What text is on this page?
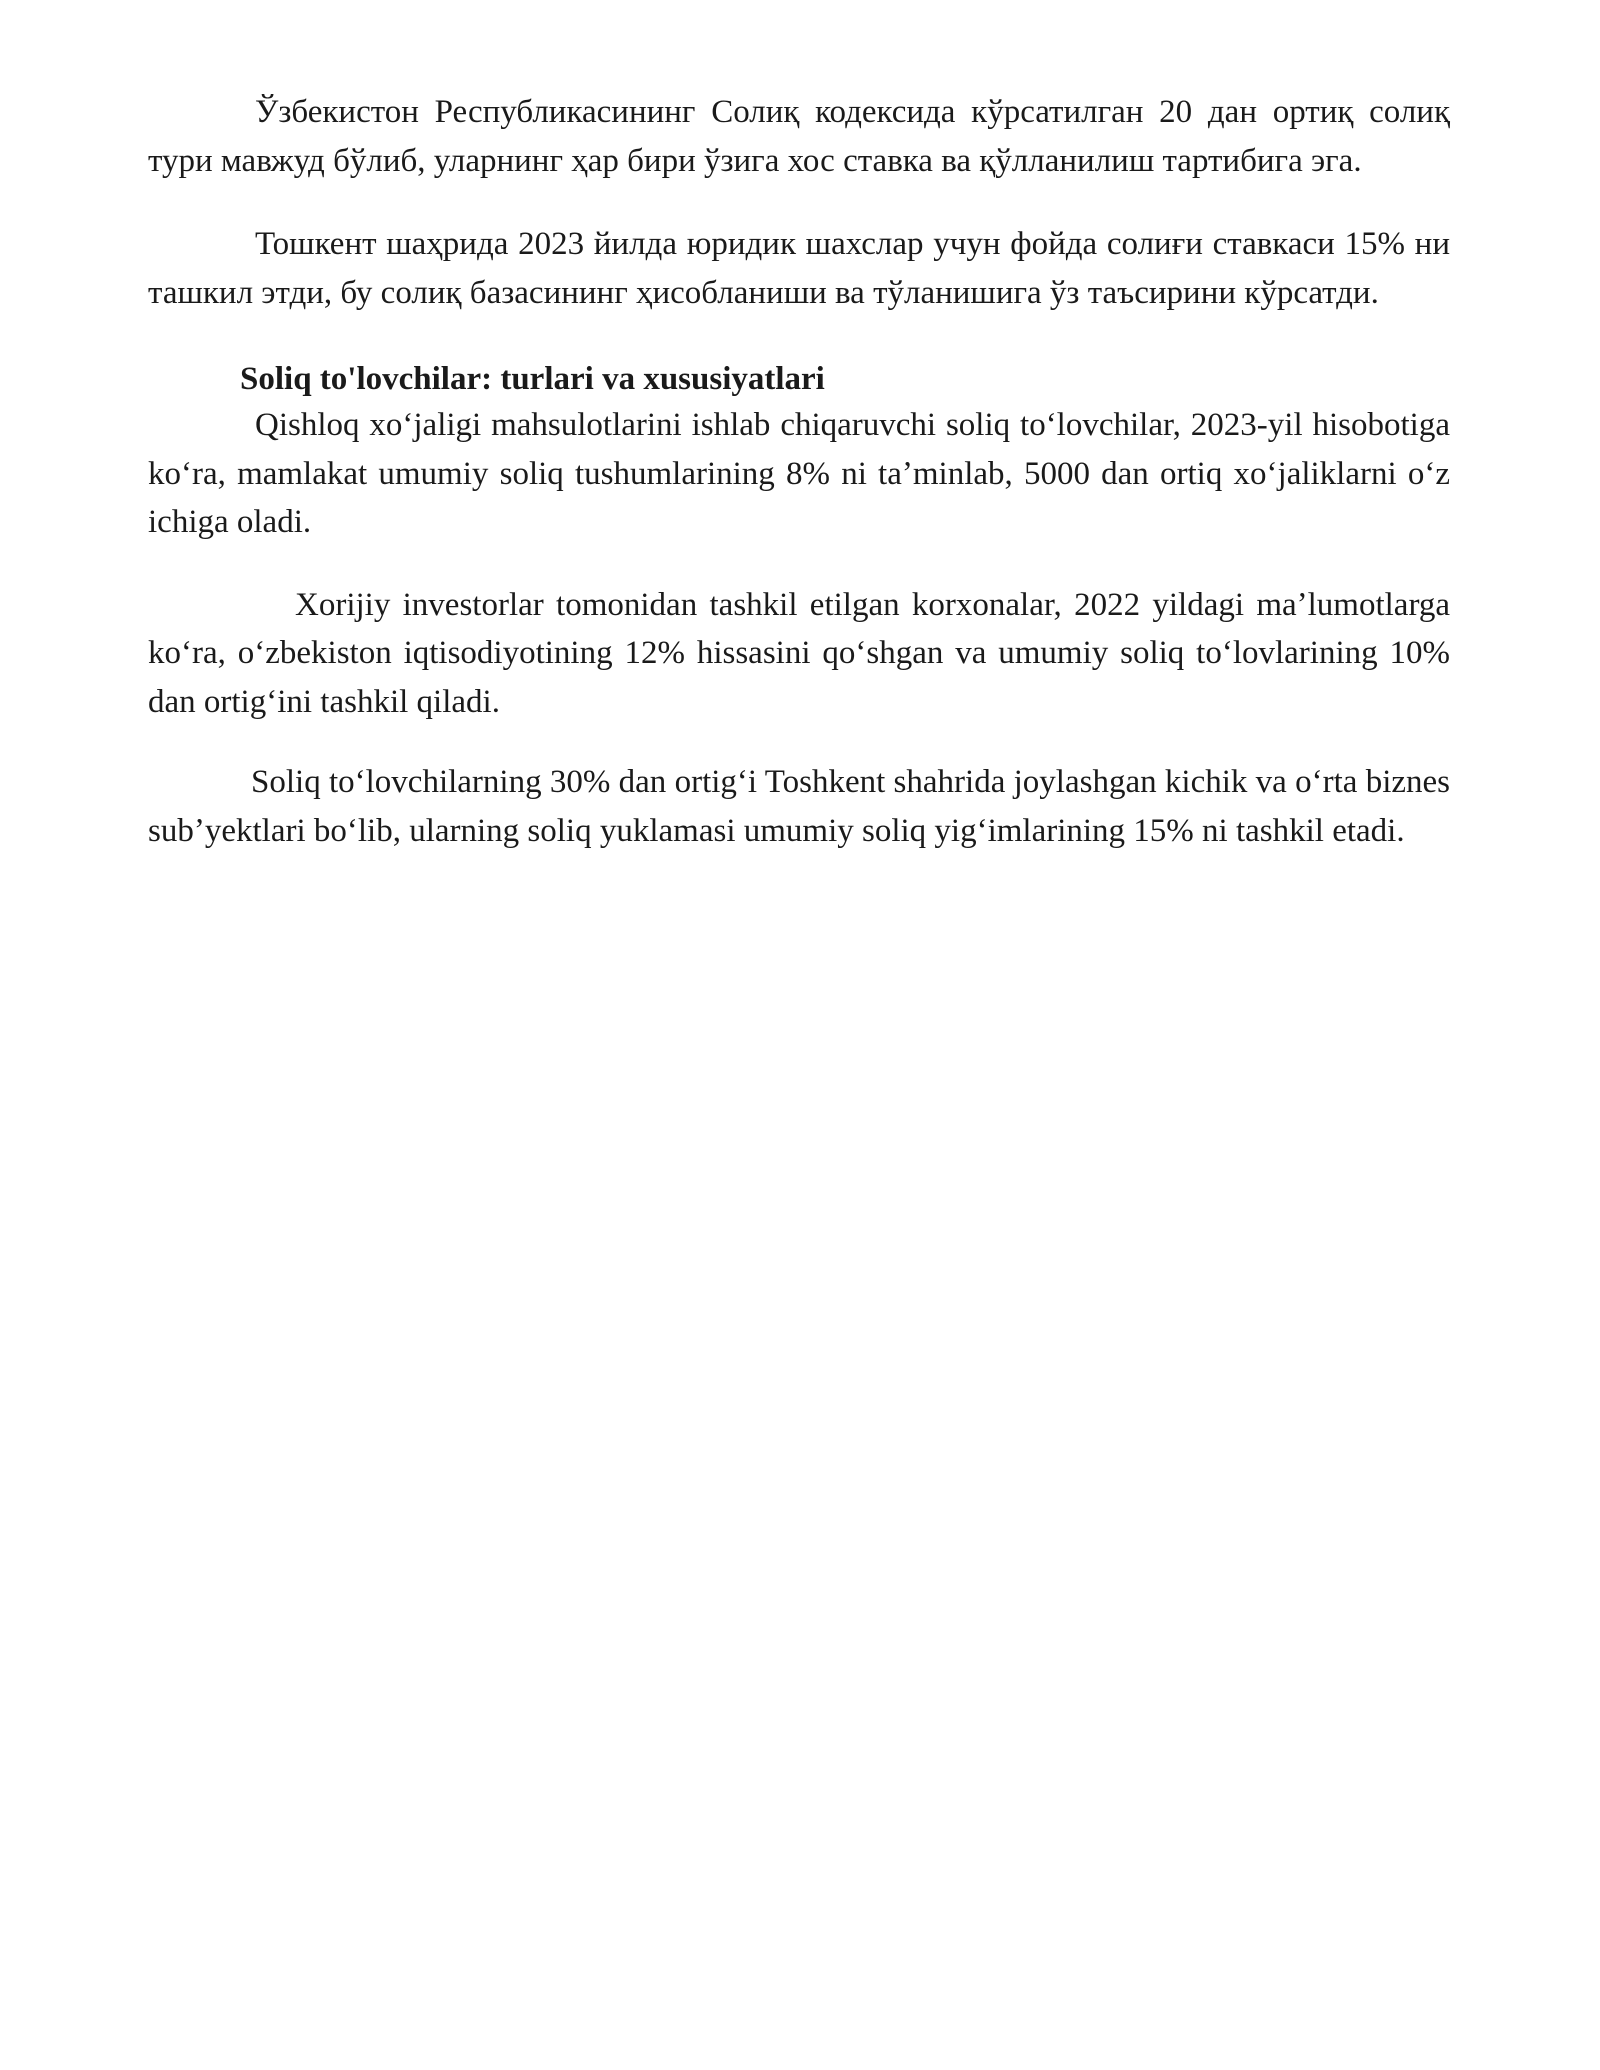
Ўзбекистон Республикасининг Солиқ кодексида кўрсатилган 20 дан ортиқ солиқ тури мавжуд бўлиб, уларнинг ҳар бири ўзига хос ставка ва қўлланилиш тартибига эга.

Тошкент шаҳрида 2023 йилда юридик шахслар учун фойда солиғи ставкаси 15% ни ташкил этди, бу солиқ базасининг ҳисобланиши ва тўланишига ўз таъсирини кўрсатди.

Soliq to'lovchilar: turlari va xususiyatlari

Qishloq xoʻjaligi mahsulotlarini ishlab chiqaruvchi soliq toʻlovchilar, 2023-yil hisobotiga koʻra, mamlakat umumiy soliq tushumlarining 8% ni taʼminlab, 5000 dan ortiq xoʻjaliklarni oʻz ichiga oladi.

Xorijiy investorlar tomonidan tashkil etilgan korxonalar, 2022 yildagi maʼlumotlarga koʻra, oʻzbekiston iqtisodiyotining 12% hissasini qoʻshgan va umumiy soliq toʻlovlarining 10% dan ortigʻini tashkil qiladi.

Soliq toʻlovchilarning 30% dan ortigʻi Toshkent shahrida joylashgan kichik va oʻrta biznes subʼyektlari boʻlib, ularning soliq yuklamasi umumiy soliq yigʻimlarining 15% ni tashkil etadi.
